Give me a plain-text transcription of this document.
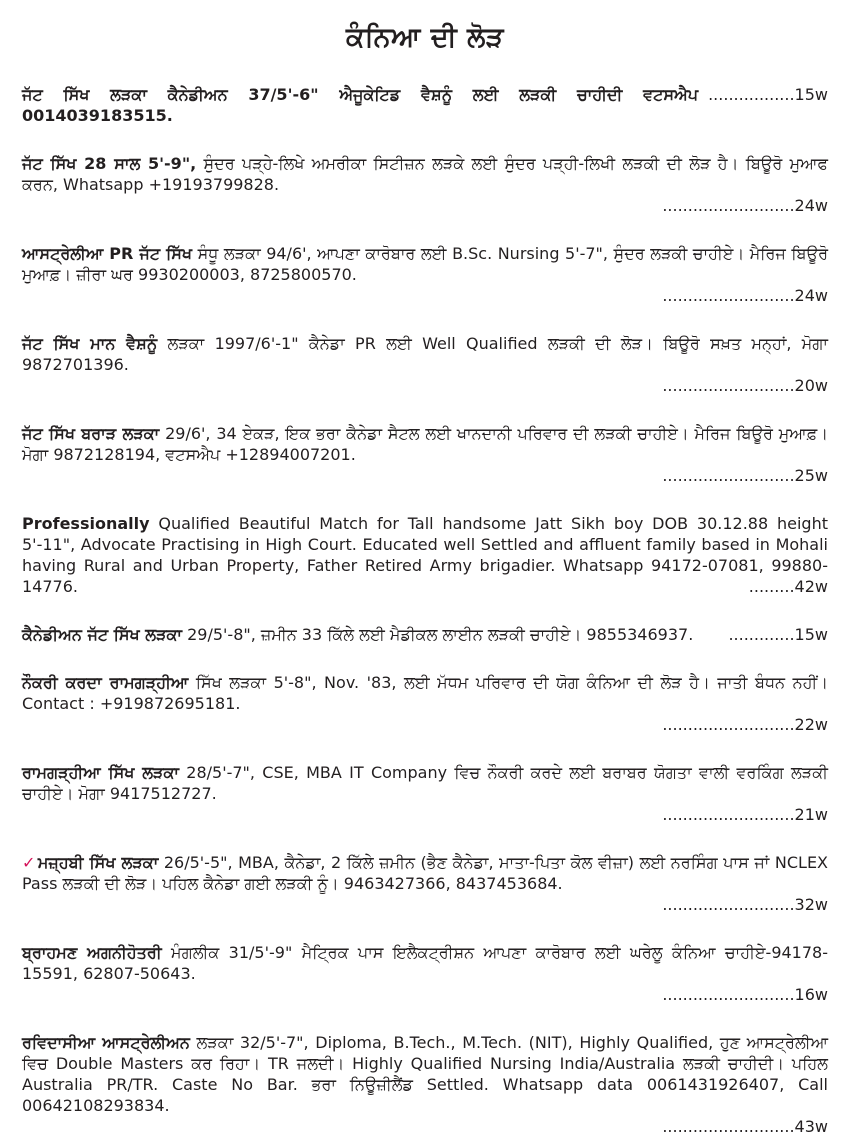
ਕੰਨਿਆ ਦੀ ਲੋੜ
.................15w
ਜੱਟ ਸਿੱਖ ਲੜਕਾ ਕੈਨੇਡੀਅਨ 37/5'-6" ਐਜੂਕੇਟਿਡ ਵੈਸ਼ਨੂੰ ਲਈ ਲੜਕੀ ਚਾਹੀਦੀ ਵਟਸਐਪ 0014039183515.
ਜੱਟ ਸਿੱਖ 28 ਸਾਲ 5'-9", ਸੁੰਦਰ ਪੜ੍ਹੇ-ਲਿਖੇ ਅਮਰੀਕਾ ਸਿਟੀਜ਼ਨ ਲੜਕੇ ਲਈ ਸੁੰਦਰ ਪੜ੍ਹੀ-ਲਿਖੀ ਲੜਕੀ ਦੀ ਲੋੜ ਹੈ। ਬਿਊਰੋ ਮੁਆਫ ਕਰਨ, Whatsapp +19193799828.
..........................24w
ਆਸਟ੍ਰੇਲੀਆ PR ਜੱਟ ਸਿੱਖ ਸੰਧੂ ਲੜਕਾ 94/6', ਆਪਣਾ ਕਾਰੋਬਾਰ ਲਈ B.Sc. Nursing 5'-7", ਸੁੰਦਰ ਲੜਕੀ ਚਾਹੀਏ। ਮੈਰਿਜ ਬਿਊਰੋ ਮੁਆਫ਼। ਜ਼ੀਰਾ ਘਰ 9930200003, 8725800570.
..........................24w
ਜੱਟ ਸਿੱਖ ਮਾਨ ਵੈਸ਼ਨੂੰ ਲੜਕਾ 1997/6'-1" ਕੈਨੇਡਾ PR ਲਈ Well Qualified ਲੜਕੀ ਦੀ ਲੋੜ। ਬਿਊਰੋ ਸਖ਼ਤ ਮਨ੍ਹਾਂ, ਮੋਗਾ 9872701396.
..........................20w
ਜੱਟ ਸਿੱਖ ਬਰਾੜ ਲੜਕਾ 29/6', 34 ਏਕੜ, ਇਕ ਭਰਾ ਕੈਨੇਡਾ ਸੈਟਲ ਲਈ ਖਾਨਦਾਨੀ ਪਰਿਵਾਰ ਦੀ ਲੜਕੀ ਚਾਹੀਏ। ਮੈਰਿਜ ਬਿਊਰੋ ਮੁਆਫ਼। ਮੋਗਾ 9872128194, ਵਟਸਐਪ +12894007201.
..........................25w
Professionally Qualified Beautiful Match for Tall handsome Jatt Sikh boy DOB 30.12.88 height 5'-11", Advocate Practising in High Court. Educated well Settled and affluent family based in Mohali having Rural and Urban Property, Father Retired Army brigadier. Whatsapp 94172-07081, 99880-14776.	.........42w
.............15w
ਕੈਨੇਡੀਅਨ ਜੱਟ ਸਿੱਖ ਲੜਕਾ 29/5'-8", ਜ਼ਮੀਨ 33 ਕਿੱਲੇ ਲਈ ਮੈਡੀਕਲ ਲਾਈਨ ਲੜਕੀ ਚਾਹੀਏ। 9855346937.
ਨੌਕਰੀ ਕਰਦਾ ਰਾਮਗੜ੍ਹੀਆ ਸਿੱਖ ਲੜਕਾ 5'-8", Nov. '83, ਲਈ ਮੱਧਮ ਪਰਿਵਾਰ ਦੀ ਯੋਗ ਕੰਨਿਆ ਦੀ ਲੋੜ ਹੈ। ਜਾਤੀ ਬੰਧਨ ਨਹੀਂ। Contact : +919872695181.
..........................22w
ਰਾਮਗੜ੍ਹੀਆ ਸਿੱਖ ਲੜਕਾ 28/5'-7", CSE, MBA IT Company ਵਿਚ ਨੌਕਰੀ ਕਰਦੇ ਲਈ ਬਰਾਬਰ ਯੋਗਤਾ ਵਾਲੀ ਵਰਕਿੰਗ ਲੜਕੀ ਚਾਹੀਏ। ਮੋਗਾ 9417512727.
..........................21w
✓ ਮਜ਼੍ਹਬੀ ਸਿੱਖ ਲੜਕਾ 26/5'-5", MBA, ਕੈਨੇਡਾ, 2 ਕਿੱਲੇ ਜ਼ਮੀਨ (ਭੈਣ ਕੈਨੇਡਾ, ਮਾਤਾ-ਪਿਤਾ ਕੋਲ ਵੀਜ਼ਾ) ਲਈ ਨਰਸਿੰਗ ਪਾਸ ਜਾਂ NCLEX Pass ਲੜਕੀ ਦੀ ਲੋੜ। ਪਹਿਲ ਕੈਨੇਡਾ ਗਈ ਲੜਕੀ ਨੂੰ। 9463427366, 8437453684.
..........................32w
ਬ੍ਰਾਹਮਣ ਅਗਨੀਹੋਤਰੀ ਮੰਗਲੀਕ 31/5'-9" ਮੈਟ੍ਰਿਕ ਪਾਸ ਇਲੈਕਟ੍ਰੀਸ਼ਨ ਆਪਣਾ ਕਾਰੋਬਾਰ ਲਈ ਘਰੇਲੂ ਕੰਨਿਆ ਚਾਹੀਏ-94178-15591, 62807-50643.
..........................16w
ਰਵਿਦਾਸੀਆ ਆਸਟ੍ਰੇਲੀਅਨ ਲੜਕਾ 32/5'-7", Diploma, B.Tech., M.Tech. (NIT), Highly Qualified, ਹੁਣ ਆਸਟ੍ਰੇਲੀਆ ਵਿਚ Double Masters ਕਰ ਰਿਹਾ। TR ਜਲਦੀ। Highly Qualified Nursing India/Australia ਲੜਕੀ ਚਾਹੀਦੀ। ਪਹਿਲ Australia PR/TR. Caste No Bar. ਭਰਾ ਨਿਊਜ਼ੀਲੈਂਡ Settled. Whatsapp data 0061431926407, Call 00642108293834.
..........................43w
